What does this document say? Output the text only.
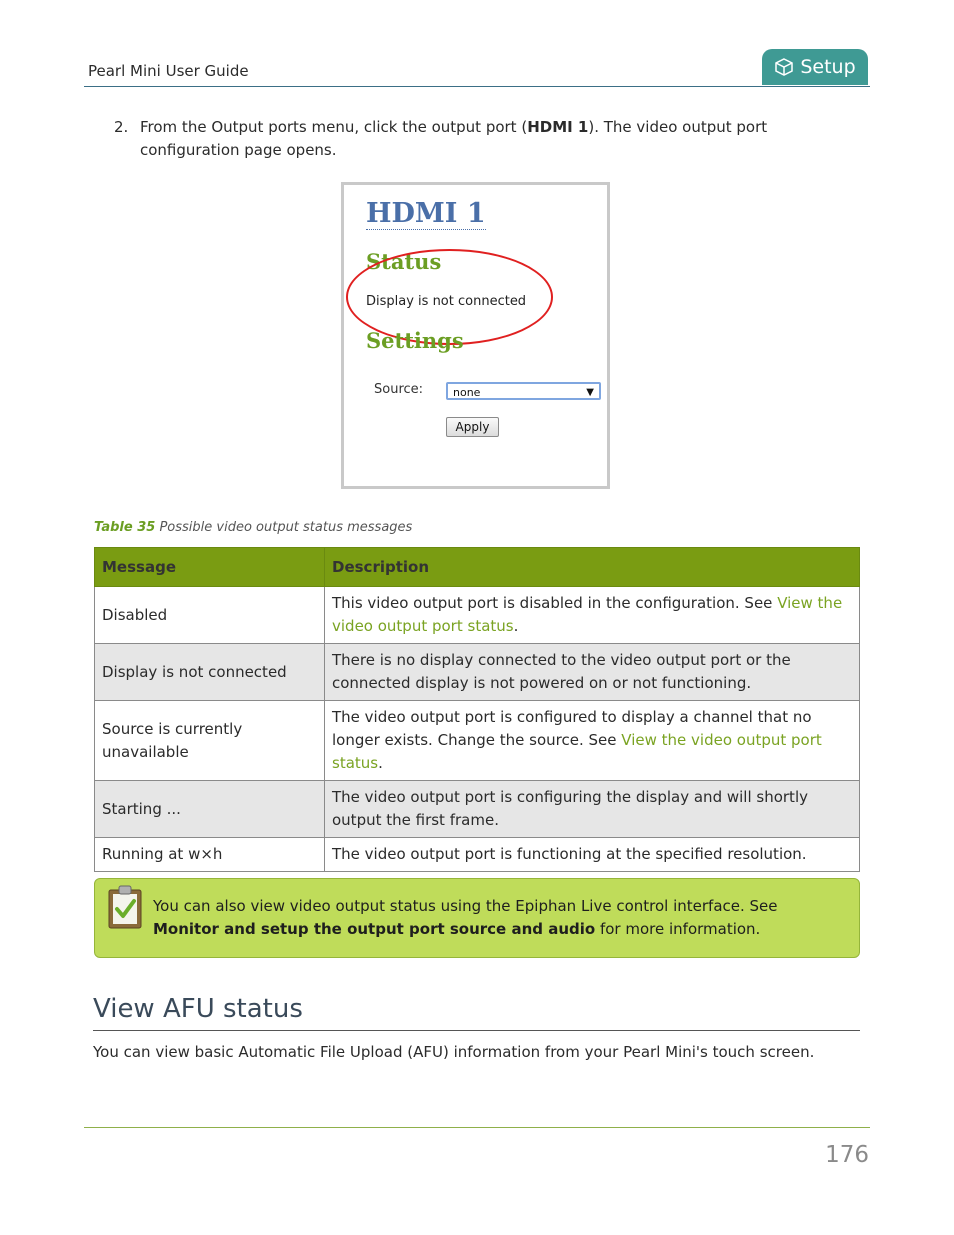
Pearl Mini User Guide	Setup
2. From the Output ports menu, click the output port (HDMI 1). The video output port configuration page opens.
HDMI 1
Status
Display is not connected
Settings
Source:	none	▼
Apply
Table 35 Possible video output status messages
Message	Description
Disabled	This video output port is disabled in the configuration. See View the video output port status.
Display is not connected	There is no display connected to the video output port or the connected display is not powered on or not functioning.
Source is currently unavailable	The video output port is configured to display a channel that no longer exists. Change the source. See View the video output port status.
Starting ...	The video output port is configuring the display and will shortly output the first frame.
Running at w×h	The video output port is functioning at the specified resolution.
You can also view video output status using the Epiphan Live control interface. See Monitor and setup the output port source and audio for more information.
View AFU status
You can view basic Automatic File Upload (AFU) information from your Pearl Mini's touch screen.
176
